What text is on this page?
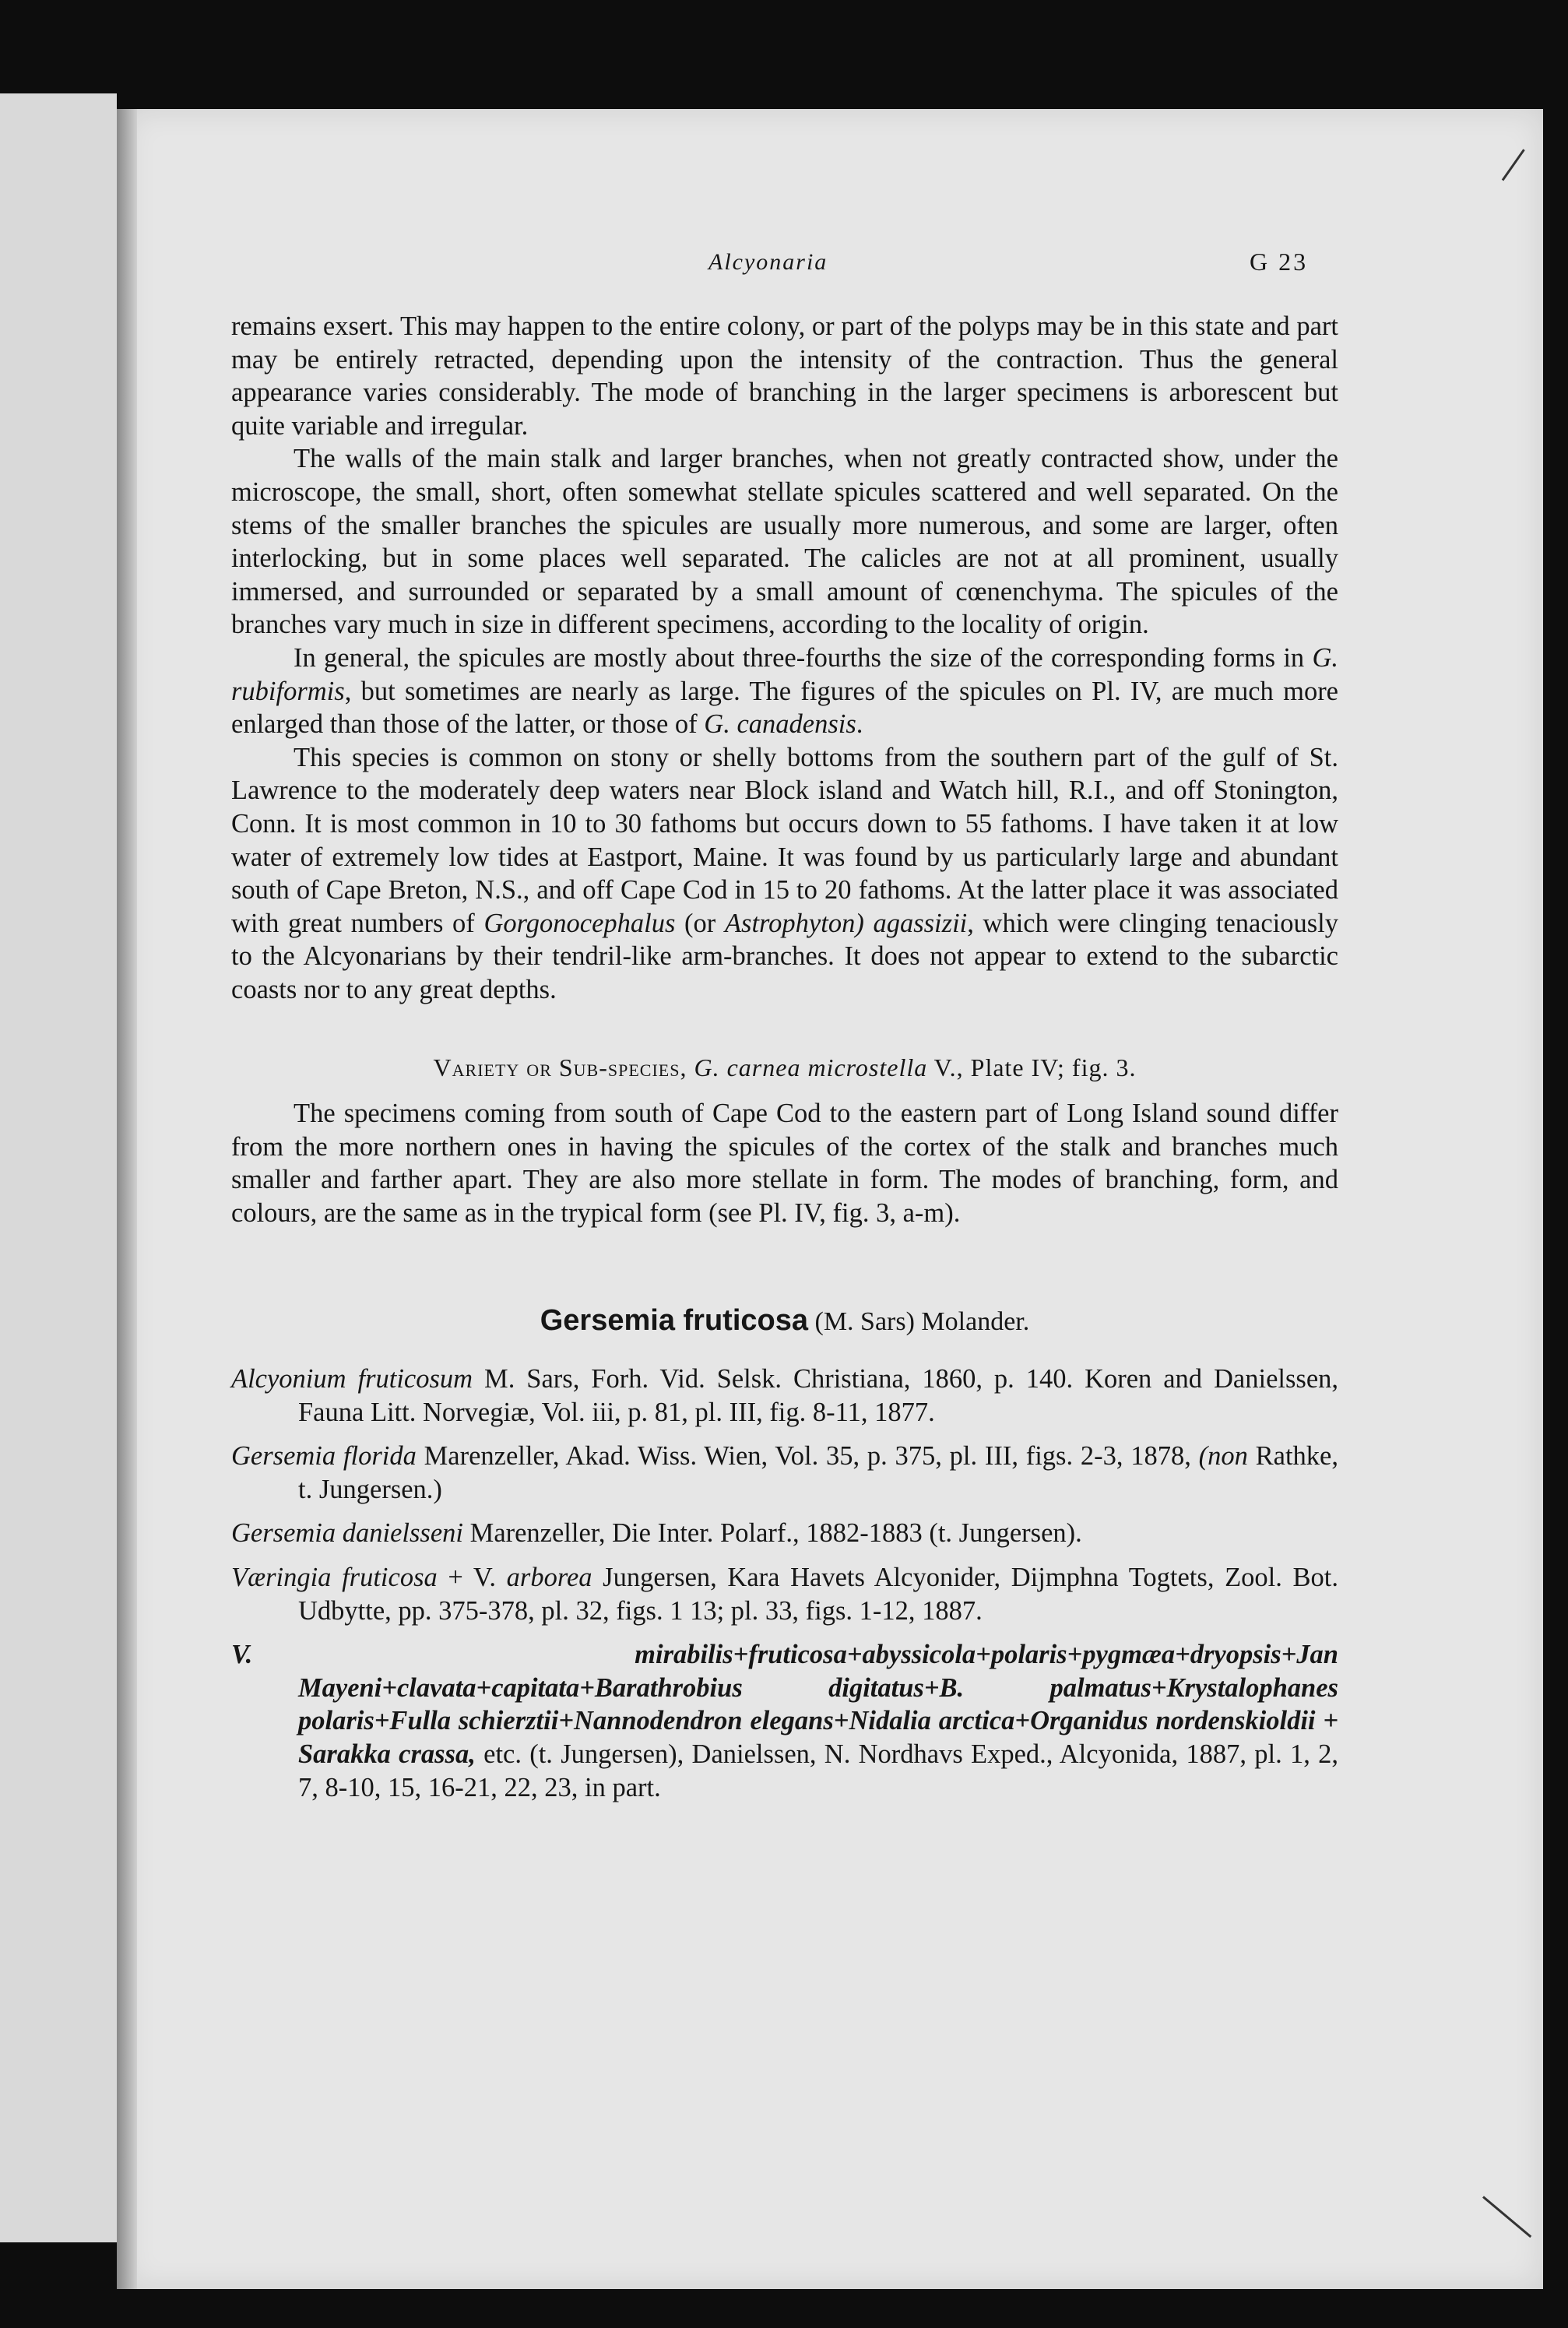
Alcyonaria	G 23

remains exsert. This may happen to the entire colony, or part of the polyps may be in this state and part may be entirely retracted, depending upon the intensity of the contraction. Thus the general appearance varies considerably. The mode of branching in the larger specimens is arborescent but quite variable and irregular.

The walls of the main stalk and larger branches, when not greatly contracted show, under the microscope, the small, short, often somewhat stellate spicules scattered and well separated. On the stems of the smaller branches the spicules are usually more numerous, and some are larger, often interlocking, but in some places well separated. The calicles are not at all prominent, usually immersed, and surrounded or separated by a small amount of cœnenchyma. The spicules of the branches vary much in size in different specimens, according to the locality of origin.

In general, the spicules are mostly about three-fourths the size of the corresponding forms in G. rubiformis, but sometimes are nearly as large. The figures of the spicules on Pl. IV, are much more enlarged than those of the latter, or those of G. canadensis.

This species is common on stony or shelly bottoms from the southern part of the gulf of St. Lawrence to the moderately deep waters near Block island and Watch hill, R.I., and off Stonington, Conn. It is most common in 10 to 30 fathoms but occurs down to 55 fathoms. I have taken it at low water of extremely low tides at Eastport, Maine. It was found by us particularly large and abundant south of Cape Breton, N.S., and off Cape Cod in 15 to 20 fathoms. At the latter place it was associated with great numbers of Gorgonocephalus (or Astrophyton) agassizii, which were clinging tenaciously to the Alcyonarians by their tendril-like arm-branches. It does not appear to extend to the subarctic coasts nor to any great depths.

Variety or Sub-species, G. carnea microstella V., Plate IV; fig. 3.

The specimens coming from south of Cape Cod to the eastern part of Long Island sound differ from the more northern ones in having the spicules of the cortex of the stalk and branches much smaller and farther apart. They are also more stellate in form. The modes of branching, form, and colours, are the same as in the trypical form (see Pl. IV, fig. 3, a-m).

Gersemia fruticosa (M. Sars) Molander.

Alcyonium fruticosum M. Sars, Forh. Vid. Selsk. Christiana, 1860, p. 140. Koren and Danielssen, Fauna Litt. Norvegiæ, Vol. iii, p. 81, pl. III, fig. 8-11, 1877.

Gersemia florida Marenzeller, Akad. Wiss. Wien, Vol. 35, p. 375, pl. III, figs. 2-3, 1878, (non Rathke, t. Jungersen.)

Gersemia danielsseni Marenzeller, Die Inter. Polarf., 1882-1883 (t. Jungersen).

Væringia fruticosa + V. arborea Jungersen, Kara Havets Alcyonider, Dijmphna Togtets, Zool. Bot. Udbytte, pp. 375-378, pl. 32, figs. 1 13; pl. 33, figs. 1-12, 1887.

V. mirabilis+fruticosa+abyssicola+polaris+pygmæa+dryopsis+Jan Mayeni+clavata+capitata+Barathrobius digitatus+B. palmatus+Krystalophanes polaris+Fulla schierztii+Nannodendron elegans+Nidalia arctica+Organidus nordenskioldii + Sarakka crassa, etc. (t. Jungersen), Danielssen, N. Nordhavs Exped., Alcyonida, 1887, pl. 1, 2, 7, 8-10, 15, 16-21, 22, 23, in part.
